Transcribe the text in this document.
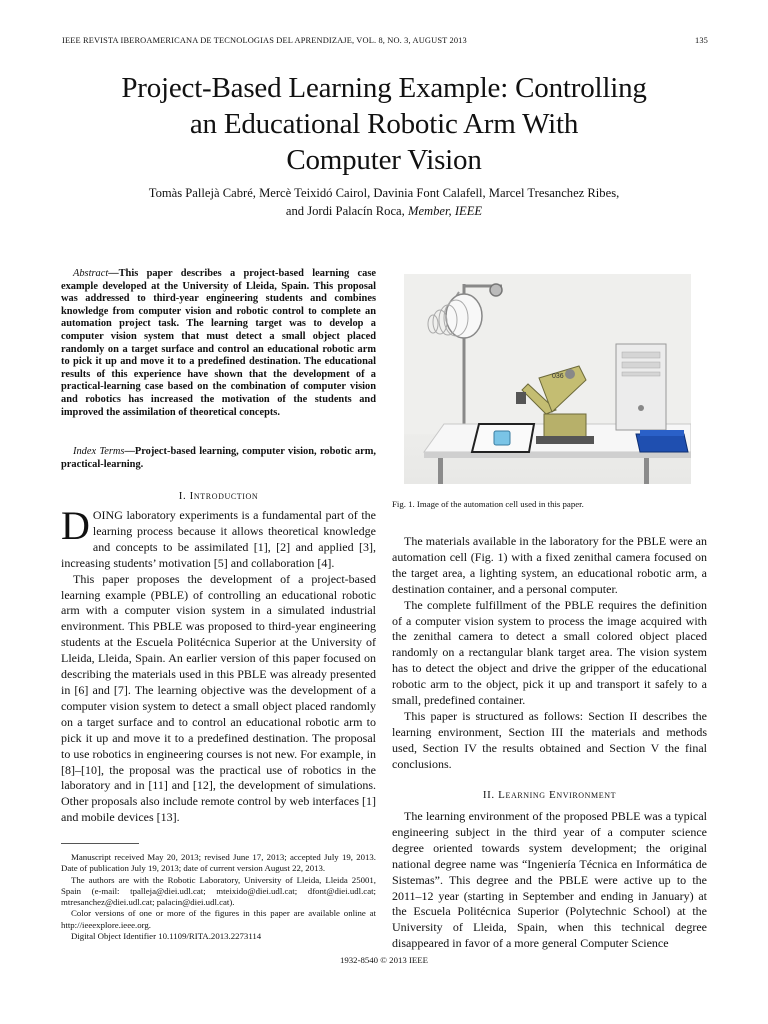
IEEE REVISTA IBEROAMERICANA DE TECNOLOGIAS DEL APRENDIZAJE, VOL. 8, NO. 3, AUGUST 2013	135
Project-Based Learning Example: Controlling
an Educational Robotic Arm With
Computer Vision
Tomàs Pallejà Cabré, Mercè Teixidó Cairol, Davinia Font Calafell, Marcel Tresanchez Ribes,
and Jordi Palacín Roca, Member, IEEE
Abstract—This paper describes a project-based learning case example developed at the University of Lleida, Spain. This proposal was addressed to third-year engineering students and combines knowledge from computer vision and robotic control to complete an automation project task. The learning target was to develop a computer vision system that must detect a small object placed randomly on a target surface and control an educational robotic arm to pick it up and move it to a predefined destination. The educational results of this experience have shown that the development of a practical-learning case based on the combination of computer vision and robotics has increased the motivation of the students and improved the assimilation of theoretical concepts.
Index Terms—Project-based learning, computer vision, robotic arm, practical-learning.
I. Introduction

DOING laboratory experiments is a fundamental part of the learning process because it allows theoretical knowledge and concepts to be assimilated [1], [2] and applied [3], increasing students’ motivation [5] and collaboration [4].

This paper proposes the development of a project-based learning example (PBLE) of controlling an educational robotic arm with a computer vision system in a simulated industrial environment. This PBLE was proposed to third-year engineering students at the Escuela Politécnica Superior at the University of Lleida, Lleida, Spain. An earlier version of this paper focused on describing the materials used in this PBLE was already presented in [6] and [7]. The learning objective was the development of a computer vision system to detect a small object placed randomly on a target surface and to control an educational robotic arm to pick it up and move it to a predefined destination. The proposal to use robotics in engineering courses is not new. For example, in [8]–[10], the proposal was the practical use of robotics in the laboratory and in [11] and [12], the development of simulations. Other proposals also include remote control by web interfaces [1] and mobile devices [13].

Manuscript received May 20, 2013; revised June 17, 2013; accepted July 19, 2013. Date of publication July 19, 2013; date of current version August 22, 2013.

The authors are with the Robotic Laboratory, University of Lleida, Lleida 25001, Spain (e-mail: tpalleja@diei.udl.cat; mteixido@diei.udl.cat; dfont@diei.udl.cat; mtresanchez@diei.udl.cat; palacin@diei.udl.cat).

Color versions of one or more of the figures in this paper are available online at http://ieeexplore.ieee.org.

Digital Object Identifier 10.1109/RITA.2013.2273114

036
Fig. 1. Image of the automation cell used in this paper.

The materials available in the laboratory for the PBLE were an automation cell (Fig. 1) with a fixed zenithal camera focused on the target area, a lighting system, an educational robotic arm, a destination container, and a personal computer.

The complete fulfillment of the PBLE requires the definition of a computer vision system to process the image acquired with the zenithal camera to detect a small colored object placed randomly on a rectangular blank target area. The vision system has to detect the object and drive the gripper of the educational robotic arm to the object, pick it up and transport it safely to a small, predefined container.

This paper is structured as follows: Section II describes the learning environment, Section III the materials and methods used, Section IV the results obtained and Section V the final conclusions.

II. Learning Environment

The learning environment of the proposed PBLE was a typical engineering subject in the third year of a computer science degree oriented towards system development; the original national degree name was “Ingeniería Técnica en Informática de Sistemas”. This degree and the PBLE were active up to the 2011–12 year (starting in September and ending in January) at the Escuela Politécnica Superior (Polytechnic School) at the University of Lleida, Spain, when this technical degree disappeared in favor of a more general Computer Science

1932-8540 © 2013 IEEE
